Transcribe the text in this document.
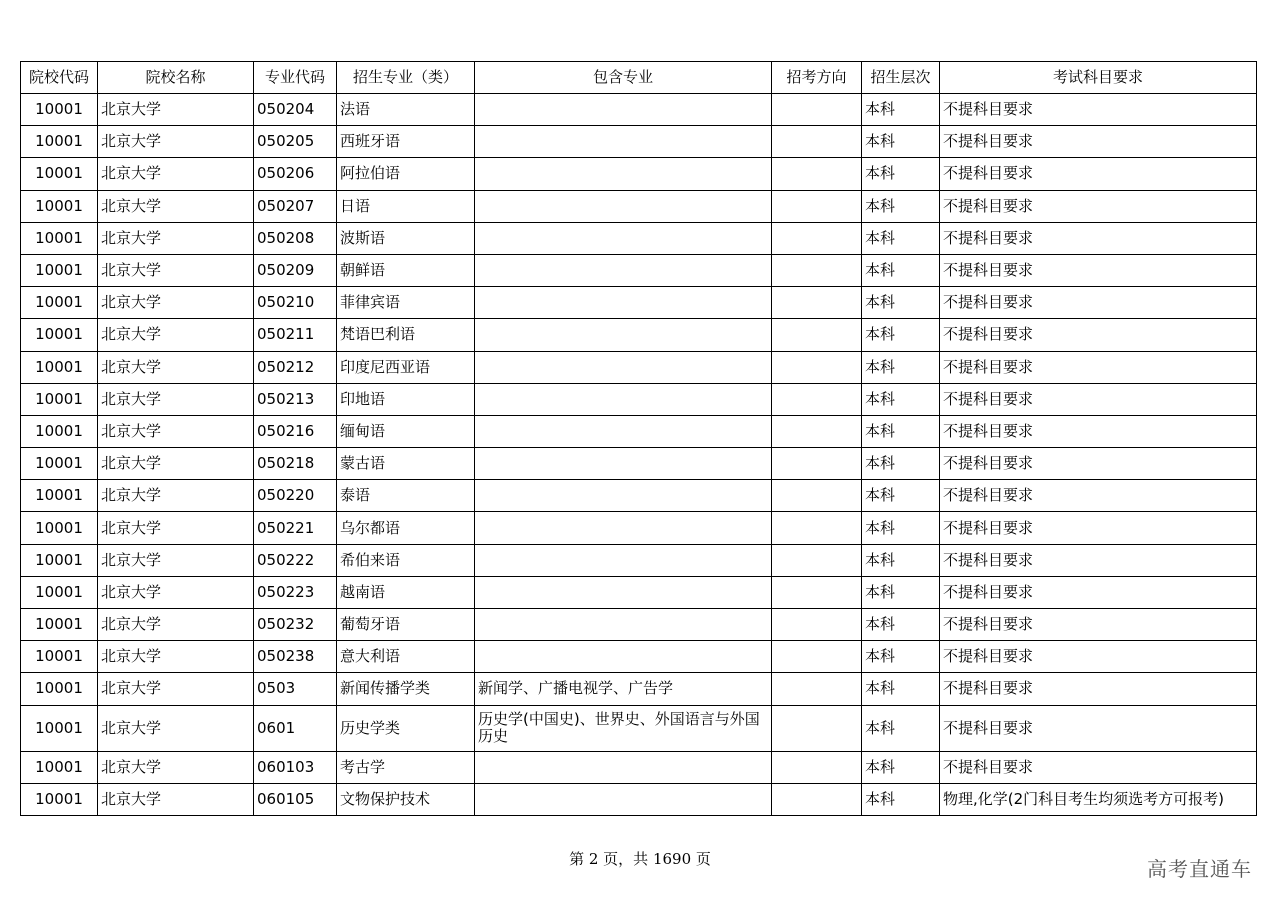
院校代码	院校名称	专业代码	招生专业（类）	包含专业	招考方向	招生层次	考试科目要求
10001	北京大学	050204	法语			本科	不提科目要求
10001	北京大学	050205	西班牙语			本科	不提科目要求
10001	北京大学	050206	阿拉伯语			本科	不提科目要求
10001	北京大学	050207	日语			本科	不提科目要求
10001	北京大学	050208	波斯语			本科	不提科目要求
10001	北京大学	050209	朝鲜语			本科	不提科目要求
10001	北京大学	050210	菲律宾语			本科	不提科目要求
10001	北京大学	050211	梵语巴利语			本科	不提科目要求
10001	北京大学	050212	印度尼西亚语			本科	不提科目要求
10001	北京大学	050213	印地语			本科	不提科目要求
10001	北京大学	050216	缅甸语			本科	不提科目要求
10001	北京大学	050218	蒙古语			本科	不提科目要求
10001	北京大学	050220	泰语			本科	不提科目要求
10001	北京大学	050221	乌尔都语			本科	不提科目要求
10001	北京大学	050222	希伯来语			本科	不提科目要求
10001	北京大学	050223	越南语			本科	不提科目要求
10001	北京大学	050232	葡萄牙语			本科	不提科目要求
10001	北京大学	050238	意大利语			本科	不提科目要求
10001	北京大学	0503	新闻传播学类	新闻学、广播电视学、广告学		本科	不提科目要求
10001	北京大学	0601	历史学类	历史学(中国史)、世界史、外国语言与外国历史		本科	不提科目要求
10001	北京大学	060103	考古学			本科	不提科目要求
10001	北京大学	060105	文物保护技术			本科	物理,化学(2门科目考生均须选考方可报考)
第 2 页，共 1690 页	高考直通车
